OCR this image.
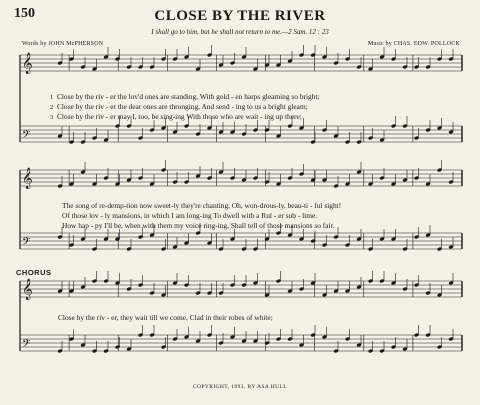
150	CLOSE BY THE RIVER
I shall go to him, but he shall not return to me.—2 Sam. 12 : 23
Words by JOHN McPHERSON	Music by CHAS. EDW. POLLOCK
𝄞
𝄢
𝄞
𝄢
𝄞
𝄢
1 Close by the riv - er the lov'd ones are standing, With gold - en harps gleaming so bright;
2 Close by the riv - er the dear ones are thronging, And send - ing to us a bright gleam;
3 Close by the riv - er may I, too, be sing-ing With those who are wait - ing up there;
The song of re-demp-tion now sweet-ly they're chanting, Oh, won-drous-ly, beau-ti - ful sight!
Of those lov - ly mansions, in which I am long-ing To dwell with a Rul - er sub - lime.
How hap - py I'll be, when with them my voice ring-ing, Shall tell of those mansions so fair.
CHORUS
Close by the riv - er, they wait till we come, Clad in their robes of white;
COPYRIGHT, 1893, BY ASA HULL
